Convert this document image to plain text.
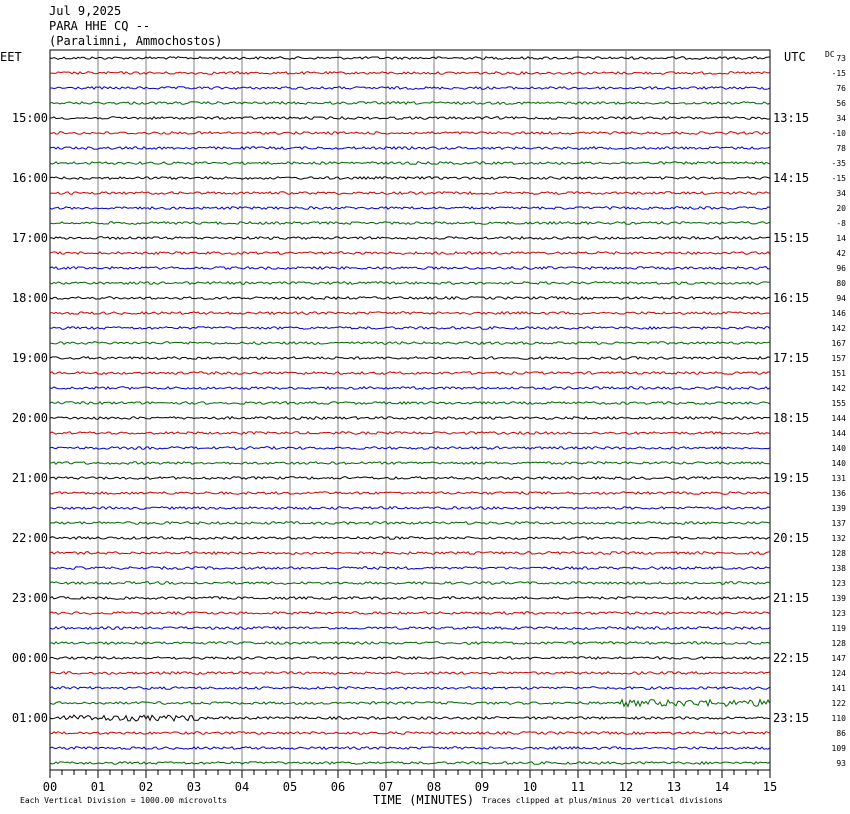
Jul 9,2025
PARA HHE CQ --
(Paralimni, Ammochostos)
EET	UTC DC 73
-15
76
56
34
-10
78
-35
-15
34
20
-8
14
42
96
80
94
146
142
167
157
151
142
155
144
144
140
140
131
136
139
137
132
128
138
123
139
123
119
128
147
124
141
122
110
86
109
93
15:00
16:00
17:00
18:00
19:00
20:00
21:00
22:00
23:00
00:00
01:00
13:15
14:15
15:15
16:15
17:15
18:15
19:15
20:15
21:15
22:15
23:15
00	01	02	03	04	05	06	07	08	09	10	11	12	13	14	15
Each Vertical Division = 1000.00 microvolts	TIME (MINUTES) Traces clipped at plus/minus 20 vertical divisions
